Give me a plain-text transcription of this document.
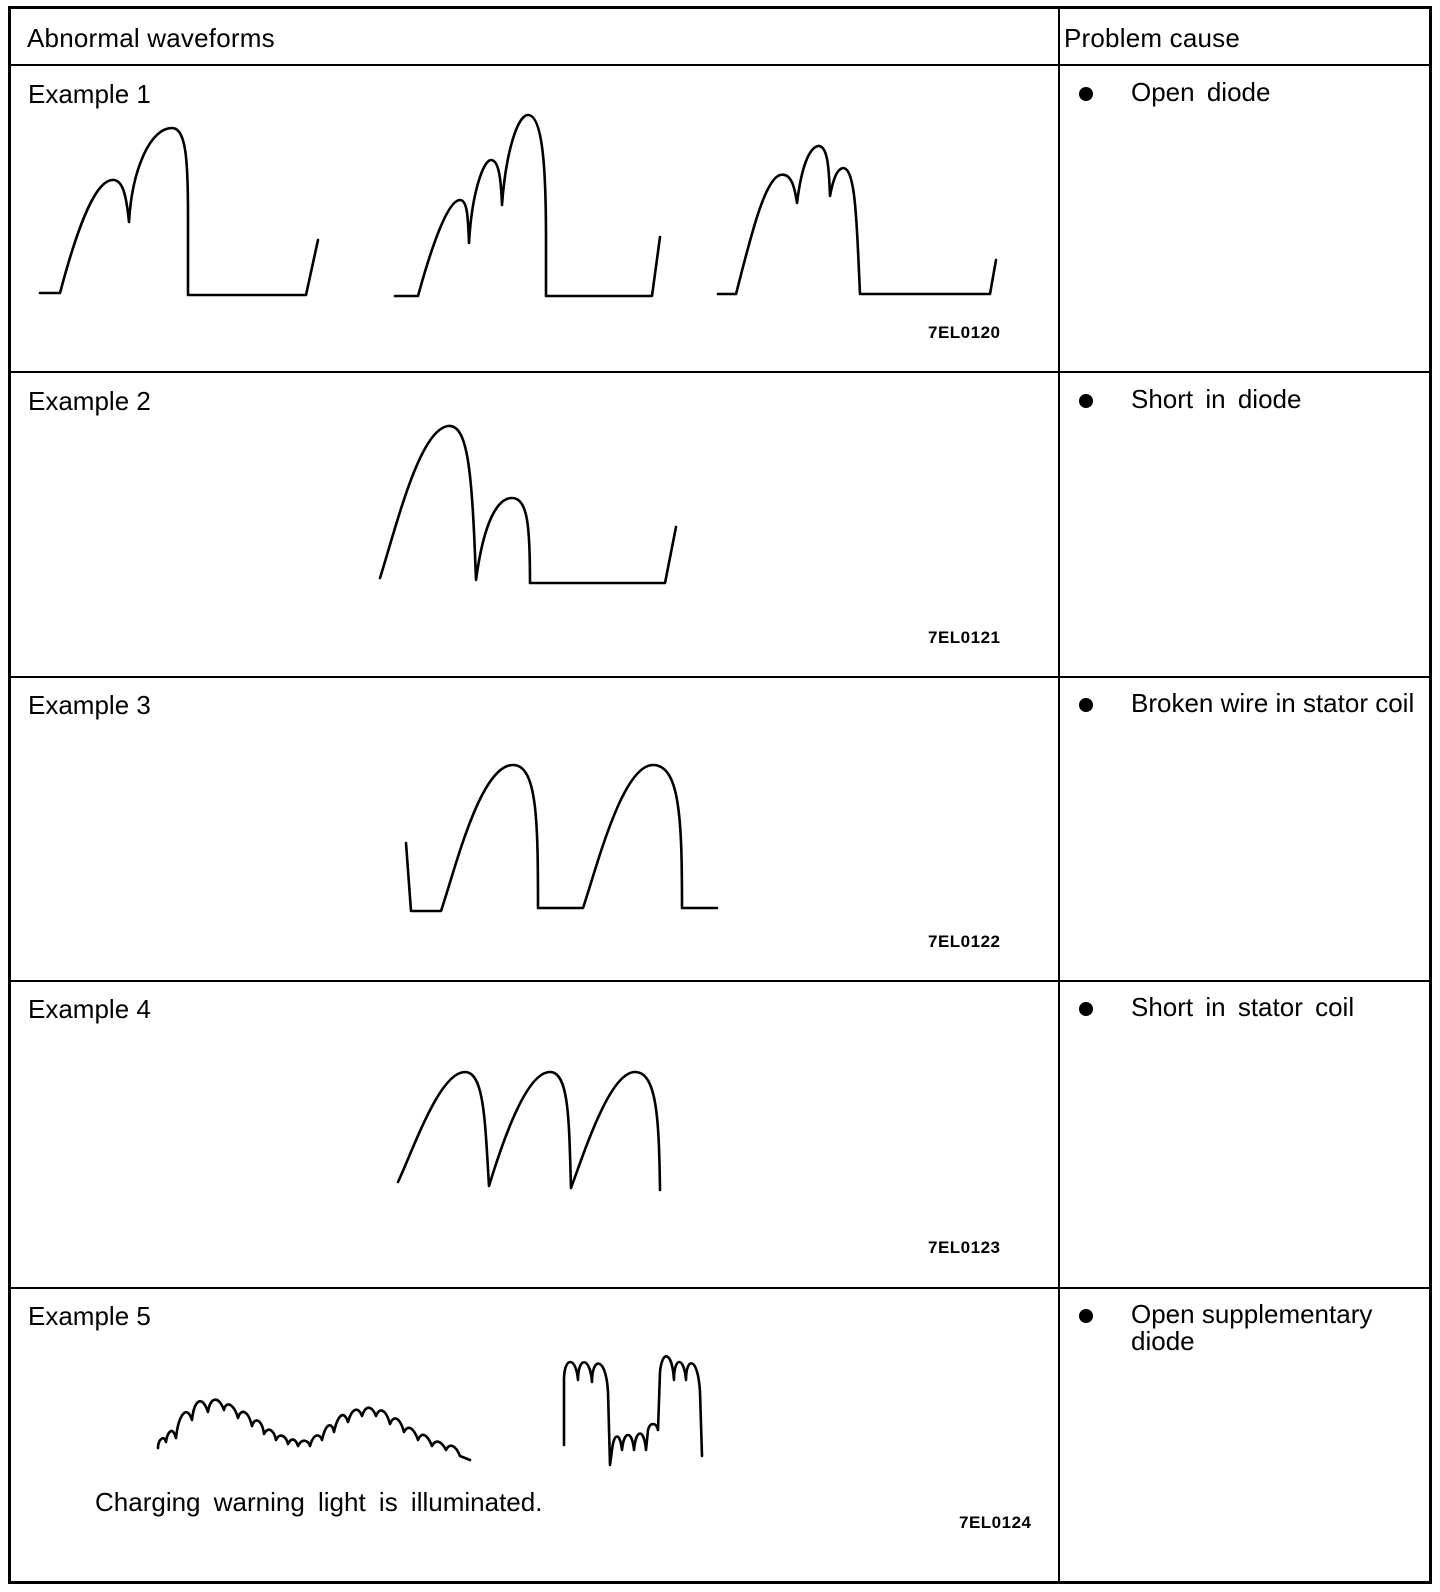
Abnormal waveforms	Problem cause
Example 1
7EL0120
Open diode
Example 2
7EL0121
Short in diode
Example 3
7EL0122
Broken wire in stator coil
Example 4
7EL0123
Short in stator coil
Example 5
7EL0124
Open supplementary diode
Charging warning light is illuminated.
